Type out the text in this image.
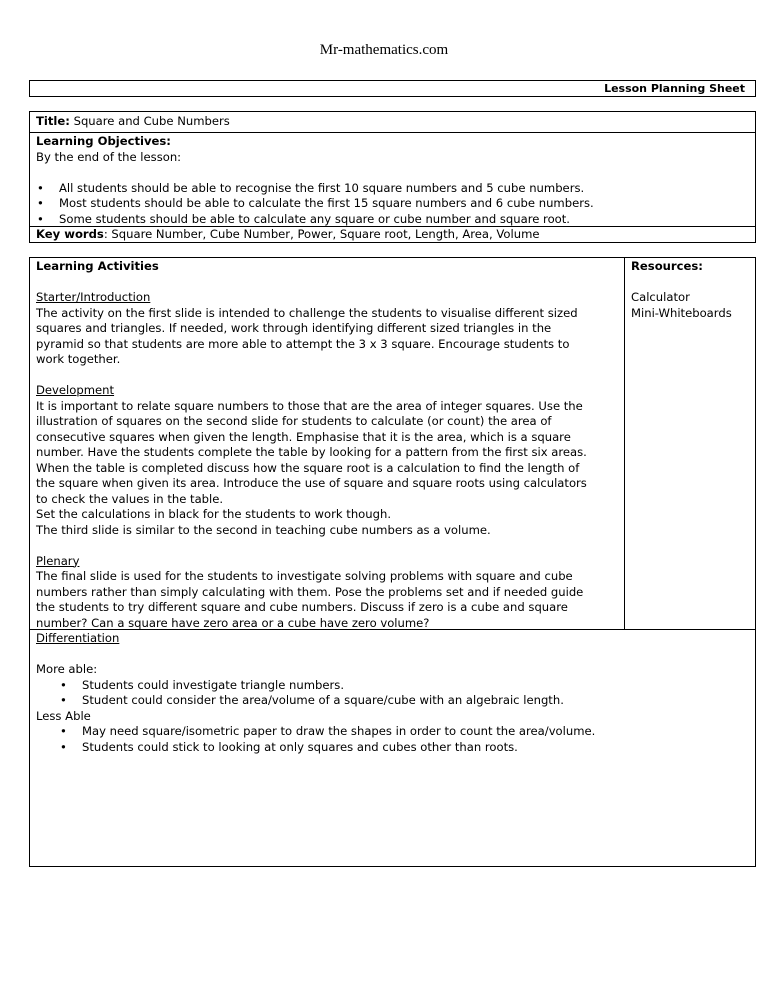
Mr-mathematics.com
Lesson Planning Sheet
Title: Square and Cube Numbers
Learning Objectives:
By the end of the lesson:
• All students should be able to recognise the first 10 square numbers and 5 cube numbers.
• Most students should be able to calculate the first 15 square numbers and 6 cube numbers.
• Some students should be able to calculate any square or cube number and square root.
Key words: Square Number, Cube Number, Power, Square root, Length, Area, Volume
Learning Activities
Starter/Introduction
The activity on the first slide is intended to challenge the students to visualise different sized
squares and triangles. If needed, work through identifying different sized triangles in the
pyramid so that students are more able to attempt the 3 x 3 square. Encourage students to
work together.
Development
It is important to relate square numbers to those that are the area of integer squares. Use the
illustration of squares on the second slide for students to calculate (or count) the area of
consecutive squares when given the length. Emphasise that it is the area, which is a square
number. Have the students complete the table by looking for a pattern from the first six areas.
When the table is completed discuss how the square root is a calculation to find the length of
the square when given its area. Introduce the use of square and square roots using calculators
to check the values in the table.
Set the calculations in black for the students to work though.
The third slide is similar to the second in teaching cube numbers as a volume.
Plenary
The final slide is used for the students to investigate solving problems with square and cube
numbers rather than simply calculating with them. Pose the problems set and if needed guide
the students to try different square and cube numbers. Discuss if zero is a cube and square
number? Can a square have zero area or a cube have zero volume?
Resources:
Calculator
Mini-Whiteboards
Differentiation
More able:
• Students could investigate triangle numbers.
• Student could consider the area/volume of a square/cube with an algebraic length.
Less Able
• May need square/isometric paper to draw the shapes in order to count the area/volume.
• Students could stick to looking at only squares and cubes other than roots.
